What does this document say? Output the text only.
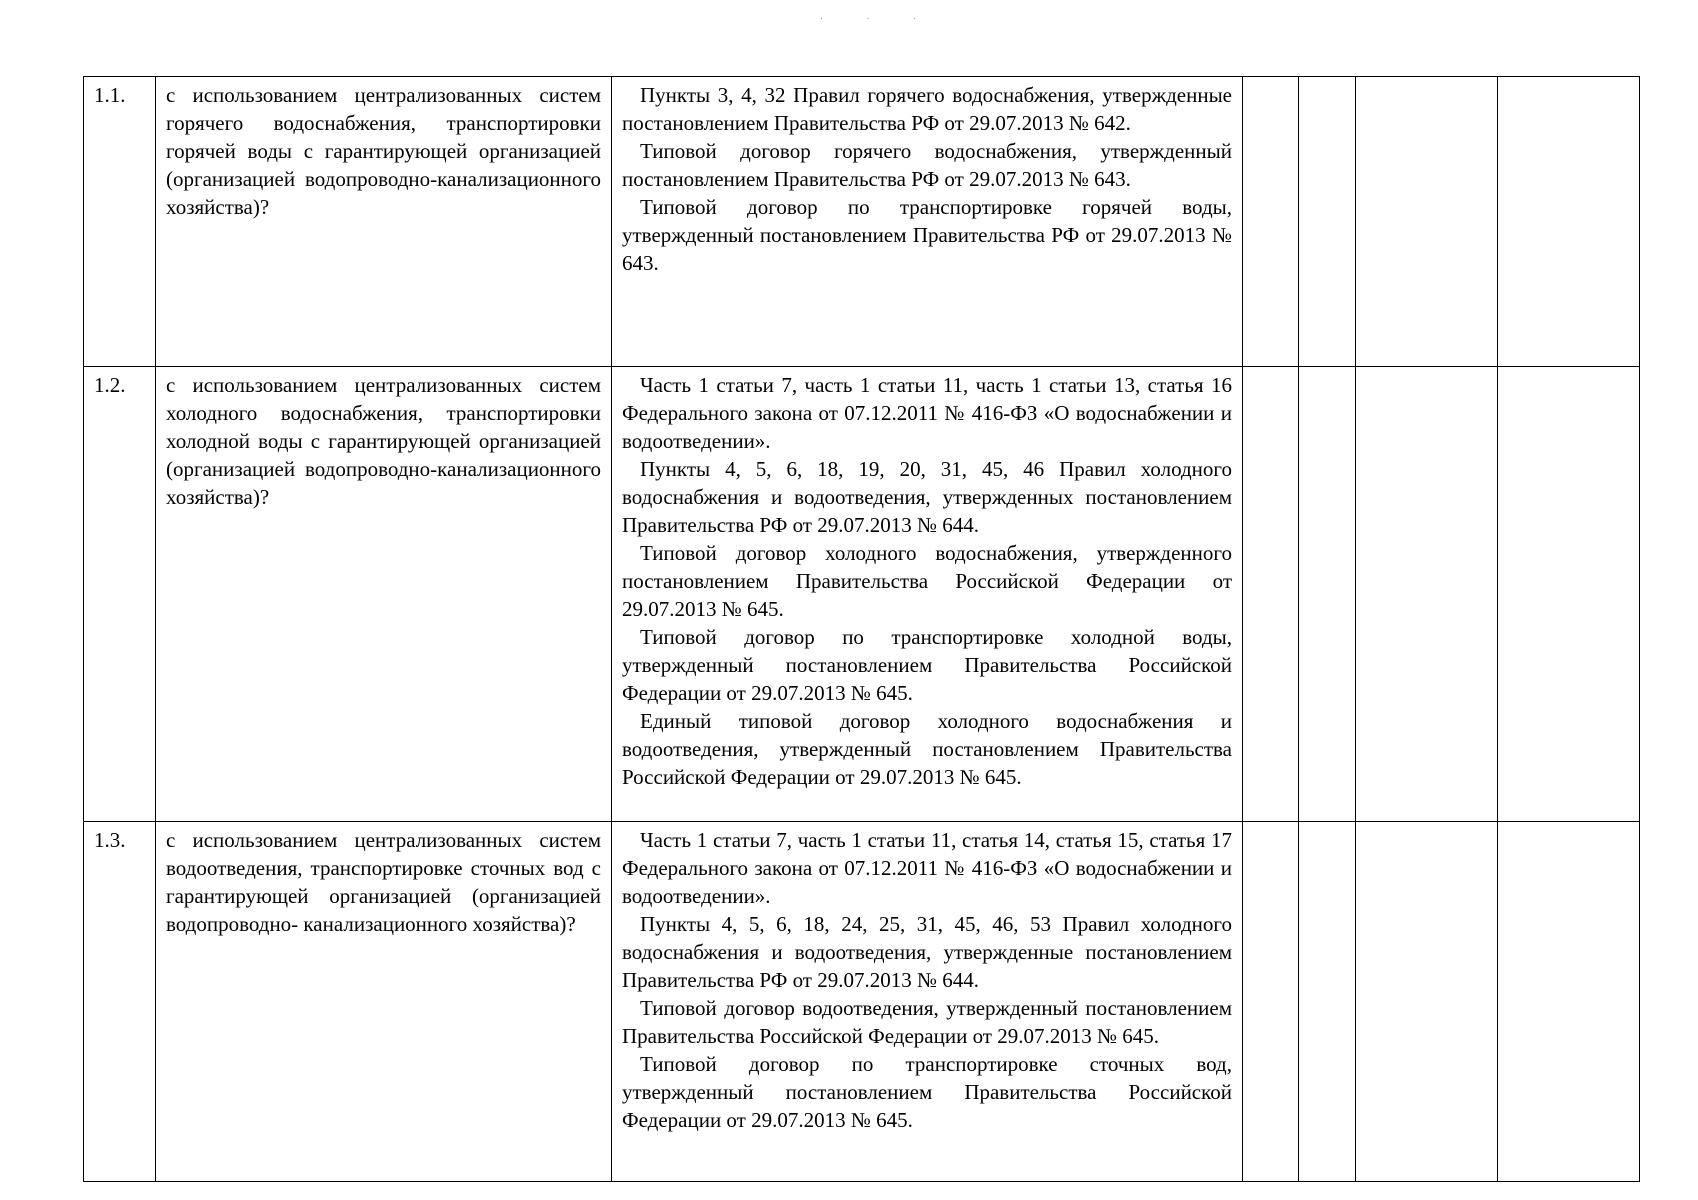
· · ·
1.1.	с использованием централизованных систем горячего водоснабжения, транспортировки горячей воды с гарантирующей организацией (организацией водопроводно-канализационного хозяйства)?	Пункты 3, 4, 32 Правил горячего водоснабжения, утвержденные постановлением Правительства РФ от 29.07.2013 № 642.

Типовой договор горячего водоснабжения, утвержденный постановлением Правительства РФ от 29.07.2013 № 643.

Типовой договор по транспортировке горячей воды, утвержденный постановлением Правительства РФ от 29.07.2013 № 643.				

1.2.	с использованием централизованных систем холодного водоснабжения, транспортировки холодной воды с гарантирующей организацией (организацией водопроводно-канализационного хозяйства)?	Часть 1 статьи 7, часть 1 статьи 11, часть 1 статьи 13, статья 16 Федерального закона от 07.12.2011 № 416-ФЗ «О водоснабжении и водоотведении».

Пункты 4, 5, 6, 18, 19, 20, 31, 45, 46 Правил холодного водоснабжения и водоотведения, утвержденных постановлением Правительства РФ от 29.07.2013 № 644.

Типовой договор холодного водоснабжения, утвержденного постановлением Правительства Российской Федерации от 29.07.2013 № 645.

Типовой договор по транспортировке холодной воды, утвержденный постановлением Правительства Российской Федерации от 29.07.2013 № 645.

Единый типовой договор холодного водоснабжения и водоотведения, утвержденный постановлением Правительства Российской Федерации от 29.07.2013 № 645.				

1.3.	с использованием централизованных систем водоотведения, транспортировке сточных вод с гарантирующей организацией (организацией водопроводно- канализационного хозяйства)?	Часть 1 статьи 7, часть 1 статьи 11, статья 14, статья 15, статья 17 Федерального закона от 07.12.2011 № 416-ФЗ «О водоснабжении и водоотведении».

Пункты 4, 5, 6, 18, 24, 25, 31, 45, 46, 53 Правил холодного водоснабжения и водоотведения, утвержденные постановлением Правительства РФ от 29.07.2013 № 644.

Типовой договор водоотведения, утвержденный постановлением Правительства Российской Федерации от 29.07.2013 № 645.

Типовой договор по транспортировке сточных вод, утвержденный постановлением Правительства Российской Федерации от 29.07.2013 № 645.				
